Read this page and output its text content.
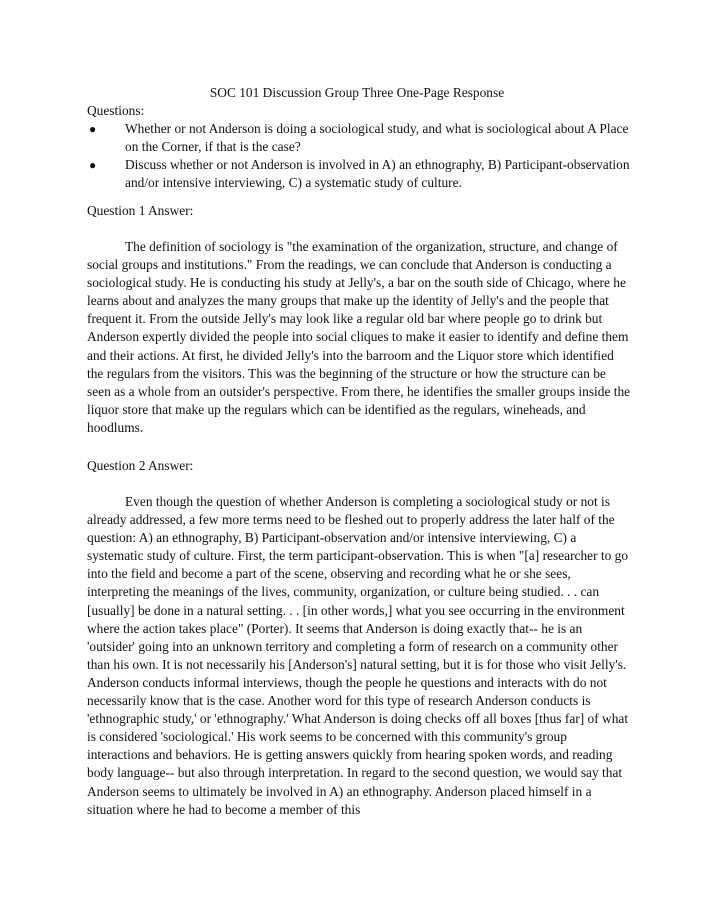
SOC 101 Discussion Group Three One-Page Response

Questions:

● Whether or not Anderson is doing a sociological study, and what is sociological about A Place on the Corner, if that is the case?
● Discuss whether or not Anderson is involved in A) an ethnography, B) Participant-observation and/or intensive interviewing, C) a systematic study of culture.

Question 1 Answer:

The definition of sociology is "the examination of the organization, structure, and change of social groups and institutions." From the readings, we can conclude that Anderson is conducting a sociological study. He is conducting his study at Jelly's, a bar on the south side of Chicago, where he learns about and analyzes the many groups that make up the identity of Jelly's and the people that frequent it. From the outside Jelly's may look like a regular old bar where people go to drink but Anderson expertly divided the people into social cliques to make it easier to identify and define them and their actions. At first, he divided Jelly's into the barroom and the Liquor store which identified the regulars from the visitors. This was the beginning of the structure or how the structure can be seen as a whole from an outsider's perspective. From there, he identifies the smaller groups inside the liquor store that make up the regulars which can be identified as the regulars, wineheads, and hoodlums.

Question 2 Answer:

Even though the question of whether Anderson is completing a sociological study or not is already addressed, a few more terms need to be fleshed out to properly address the later half of the question: A) an ethnography, B) Participant-observation and/or intensive interviewing, C) a systematic study of culture. First, the term participant-observation. This is when "[a] researcher to go into the field and become a part of the scene, observing and recording what he or she sees, interpreting the meanings of the lives, community, organization, or culture being studied. . . can [usually] be done in a natural setting. . . [in other words,] what you see occurring in the environment where the action takes place" (Porter). It seems that Anderson is doing exactly that-- he is an 'outsider' going into an unknown territory and completing a form of research on a community other than his own. It is not necessarily his [Anderson's] natural setting, but it is for those who visit Jelly's. Anderson conducts informal interviews, though the people he questions and interacts with do not necessarily know that is the case. Another word for this type of research Anderson conducts is 'ethnographic study,' or 'ethnography.' What Anderson is doing checks off all boxes [thus far] of what is considered 'sociological.' His work seems to be concerned with this community's group interactions and behaviors. He is getting answers quickly from hearing spoken words, and reading body language-- but also through interpretation. In regard to the second question, we would say that Anderson seems to ultimately be involved in A) an ethnography. Anderson placed himself in a situation where he had to become a member of this
